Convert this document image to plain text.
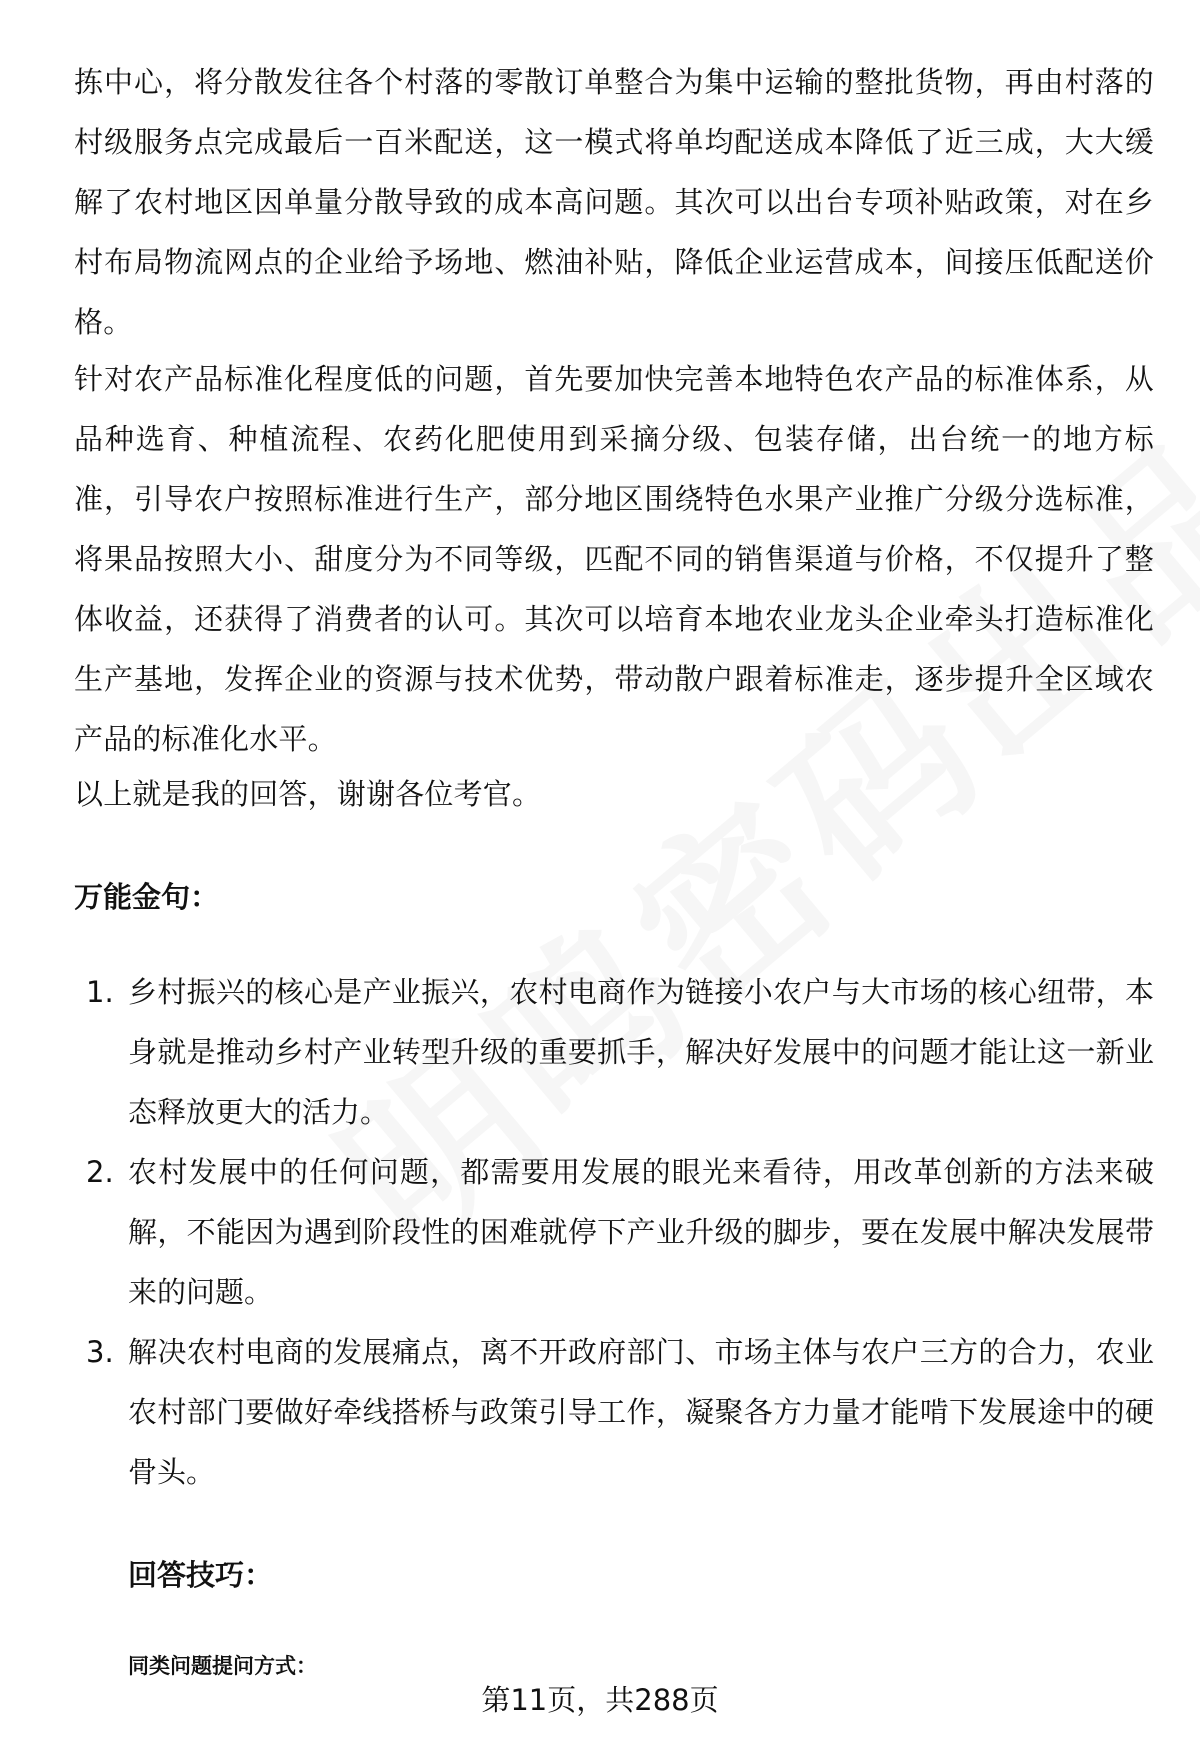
拣中心，将分散发往各个村落的零散订单整合为集中运输的整批货物，再由村落的村级服务点完成最后一百米配送，这一模式将单均配送成本降低了近三成，大大缓解了农村地区因单量分散导致的成本高问题。其次可以出台专项补贴政策，对在乡村布局物流网点的企业给予场地、燃油补贴，降低企业运营成本，间接压低配送价格。

针对农产品标准化程度低的问题，首先要加快完善本地特色农产品的标准体系，从品种选育、种植流程、农药化肥使用到采摘分级、包装存储，出台统一的地方标准，引导农户按照标准进行生产，部分地区围绕特色水果产业推广分级分选标准，将果品按照大小、甜度分为不同等级，匹配不同的销售渠道与价格，不仅提升了整体收益，还获得了消费者的认可。其次可以培育本地农业龙头企业牵头打造标准化生产基地，发挥企业的资源与技术优势，带动散户跟着标准走，逐步提升全区域农产品的标准化水平。

以上就是我的回答，谢谢各位考官。

万能金句：
1. 乡村振兴的核心是产业振兴，农村电商作为链接小农户与大市场的核心纽带，本身就是推动乡村产业转型升级的重要抓手，解决好发展中的问题才能让这一新业态释放更大的活力。
2. 农村发展中的任何问题，都需要用发展的眼光来看待，用改革创新的方法来破解，不能因为遇到阶段性的困难就停下产业升级的脚步，要在发展中解决发展带来的问题。
3. 解决农村电商的发展痛点，离不开政府部门、市场主体与农户三方的合力，农业农村部门要做好牵线搭桥与政策引导工作，凝聚各方力量才能啃下发展途中的硬骨头。
回答技巧：
同类问题提问方式：
第11页，共288页
